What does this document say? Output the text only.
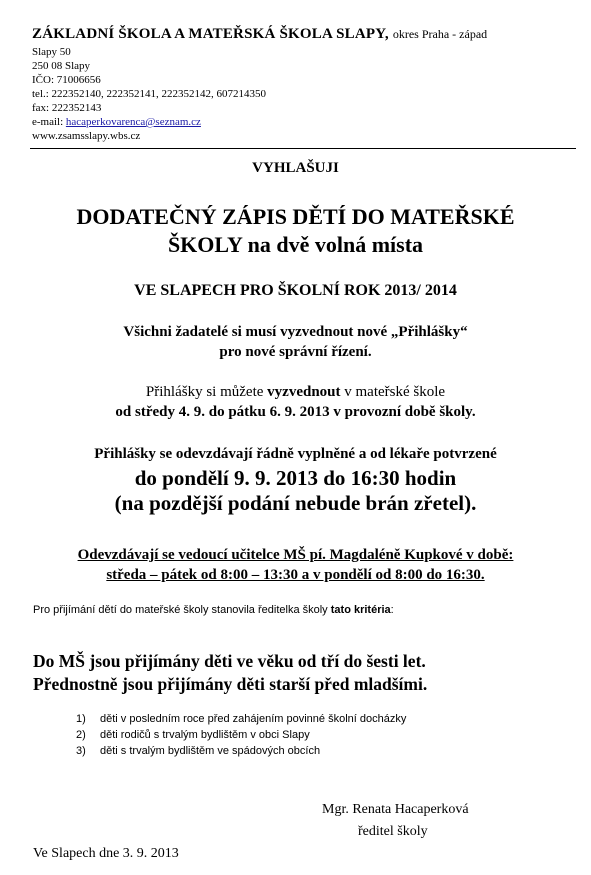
ZÁKLADNÍ ŠKOLA A MATEŘSKÁ ŠKOLA SLAPY, okres Praha - západ
Slapy 50
250 08 Slapy
IČO: 71006656
tel.: 222352140, 222352141, 222352142, 607214350
fax: 222352143
e-mail: hacaperkovarenca@seznam.cz
www.zsamsslapy.wbs.cz
VYHLAŠUJI
DODATEČNÝ ZÁPIS DĚTÍ DO MATEŘSKÉ
ŠKOLY na dvě volná místa
VE SLAPECH PRO ŠKOLNÍ ROK 2013/ 2014
Všichni žadatelé si musí vyzvednout nové „Přihlášky“
pro nové správní řízení.
Přihlášky si můžete vyzvednout v mateřské škole
od středy 4. 9. do pátku 6. 9. 2013 v provozní době školy.
Přihlášky se odevzdávají řádně vyplněné a od lékaře potvrzené
do pondělí 9. 9. 2013 do 16:30 hodin
(na pozdější podání nebude brán zřetel).
Odevzdávají se vedoucí učitelce MŠ pí. Magdaléně Kupkové v době:
středa – pátek od 8:00 – 13:30 a v pondělí od 8:00 do 16:30.
Pro přijímání dětí do mateřské školy stanovila ředitelka školy tato kritéria:
Do MŠ jsou přijímány děti ve věku od tří do šesti let.
Přednostně jsou přijímány děti starší před mladšími.
1) děti v posledním roce před zahájením povinné školní docházky
2) děti rodičů s trvalým bydlištěm v obci Slapy
3) děti s trvalým bydlištěm ve spádových obcích
Mgr. Renata Hacaperková
ředitel školy
Ve Slapech dne 3. 9. 2013
